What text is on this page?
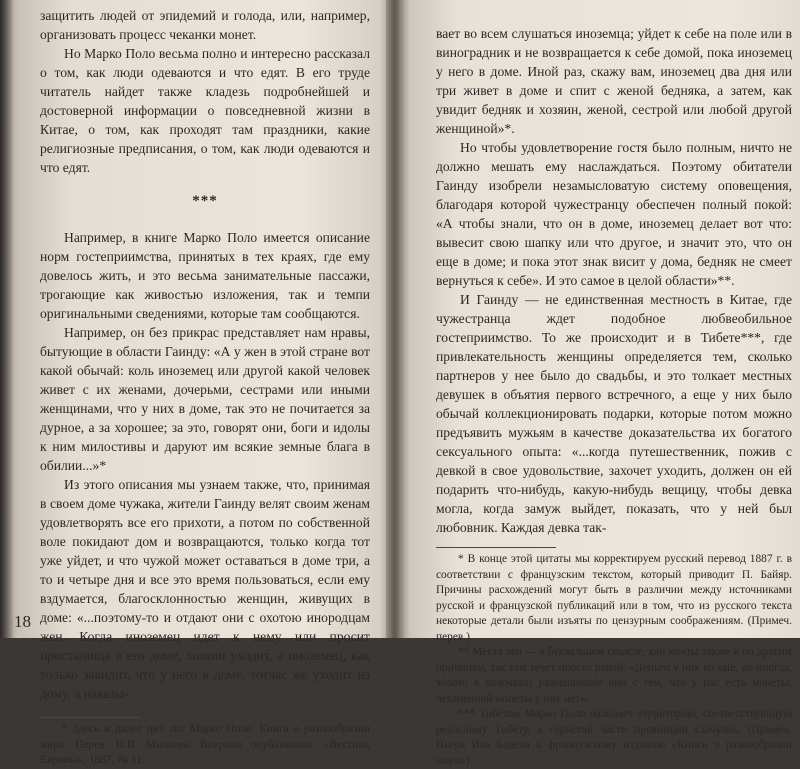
защитить людей от эпидемий и голода, или, например, организовать процесс чеканки монет.

Но Марко Поло весьма полно и интересно рассказал о том, как люди одеваются и что едят. В его труде читатель найдет также кладезь подробнейшей и достоверной информации о повседневной жизни в Китае, о том, как проходят там праздники, какие религиозные предписания, о том, как люди одеваются и что едят.

***

Например, в книге Марко Поло имеется описание норм гостеприимства, принятых в тех краях, где ему довелось жить, и это весьма занимательные пассажи, трогающие как живостью изложения, так и темпи оригинальными сведениями, которые там сообщаются.

Например, он без прикрас представляет нам нравы, бытующие в области Гаинду: «А у жен в этой стране вот какой обычай: коль иноземец или другой какой человек живет с их женами, дочерьми, сестрами или иными женщинами, что у них в доме, так это не почитается за дурное, а за хорошее; за это, говорят они, боги и идолы к ним милостивы и даруют им всякие земные блага в обилии...»*

Из этого описания мы узнаем также, что, принимая в своем доме чужака, жители Гаинду велят своим женам удовлетворять все его прихоти, а потом по собственной воле покидают дом и возвращаются, только когда тот уже уйдет, и что чужой может оставаться в доме три, а то и четыре дня и все это время пользоваться, если ему вздумается, благосклонностью женщин, живущих в доме: «...поэтому-то и отдают они с охотою инородцам жен. Когда иноземец идет к нему или просит пристанища в его доме, хозяин уходит, а иноземец, как только завидит, что у него в доме, тотчас же уходит из дому, а наказы-

* Здесь и далее цит. по: Марко Поло. Книга о разнообразии мира. Перев. И.П. Минаева. Впервые опубликован: «Вестник Европы», 1887, № 11.

18

вает во всем слушаться иноземца; уйдет к себе на поле или в виноградник и не возвращается к себе домой, пока иноземец у него в доме. Иной раз, скажу вам, иноземец два дня или три живет в доме и спит с женой бедняка, а затем, как увидит бедняк и хозяин, женой, сестрой или любой другой женщиной»*.

Но чтобы удовлетворение гостя было полным, ничто не должно мешать ему наслаждаться. Поэтому обитатели Гаинду изобрели незамысловатую систему оповещения, благодаря которой чужестранцу обеспечен полный покой: «А чтобы знали, что он в доме, иноземец делает вот что: вывесит свою шапку или что другое, и значит это, что он еще в доме; и пока этот знак висит у дома, бедняк не смеет вернуться к себе». И это самое в целой области»**.

И Гаинду — не единственная местность в Китае, где чужестранца ждет подобное любвеобильное гостеприимство. То же происходит и в Тибете***, где привлекательность женщины определяется тем, сколько партнеров у нее было до свадьбы, и это толкает местных девушек в объятия первого встречного, а еще у них было обычай коллекционировать подарки, которые потом можно предъявить мужьям в качестве доказательства их богатого сексуального опыта: «...когда путешественник, пожив с девкой в свое удовольствие, захочет уходить, должен он ей подарить что-нибудь, какую-нибудь вещицу, чтобы девка могла, когда замуж выйдет, показать, что у ней был любовник. Каждая девка так-

* В конце этой цитаты мы корректируем русский перевод 1887 г. в соответствии с французским текстом, который приводит П. Байяр. Причины расхождений могут быть в различии между источниками русской и французской публикаций или в том, что из русского текста некоторые детали были изъяты по цензурным соображениям. (Примеч. перев.)

** Места эти — в буквальном смысле, кай мечты также и по другим причинам, так там течет просто рекой: «Деньги у них во sale, но иногда, золото в палочках; развешивают они с тем, что у нас есть монеты; чеканенной монеты у них нет».

*** Тибетом Марко Поло называет территорию, соответствующую реальному Тибету, а гористой части провинции Сычуань. (Примеч. Пьера Ива Баделя к французскому изданию «Книги о разнообразии мира»)
